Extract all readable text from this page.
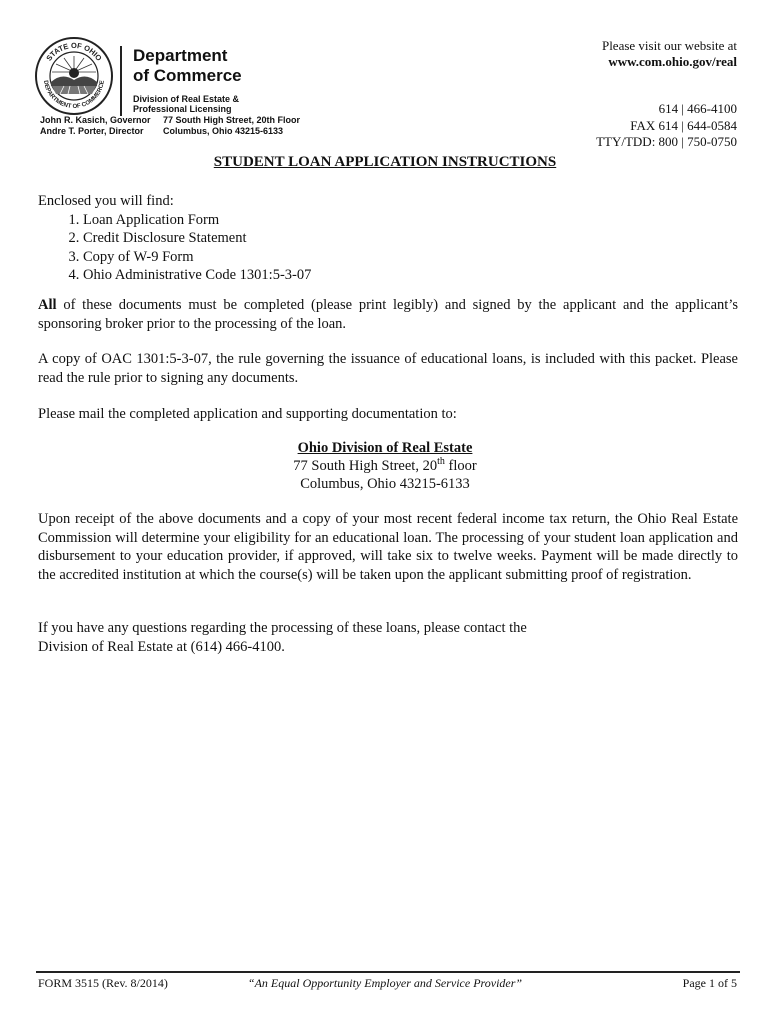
STATE OF OHIO
DEPARTMENT OF COMMERCE
Department
of Commerce
Division of Real Estate &
Professional Licensing
John R. Kasich, Governor
Andre T. Porter, Director
77 South High Street, 20th Floor
Columbus, Ohio 43215-6133
Please visit our website at
www.com.ohio.gov/real
614 | 466-4100
FAX 614 | 644-0584
TTY/TDD: 800 | 750-0750
STUDENT LOAN APPLICATION INSTRUCTIONS
Enclosed you will find:
1. Loan Application Form
2. Credit Disclosure Statement
3. Copy of W-9 Form
4. Ohio Administrative Code 1301:5-3-07
All of these documents must be completed (please print legibly) and signed by the applicant and the applicant’s sponsoring broker prior to the processing of the loan.
A copy of OAC 1301:5-3-07, the rule governing the issuance of educational loans, is included with this packet. Please read the rule prior to signing any documents.
Please mail the completed application and supporting documentation to:
Ohio Division of Real Estate
77 South High Street, 20th floor
Columbus, Ohio 43215-6133
Upon receipt of the above documents and a copy of your most recent federal income tax return, the Ohio Real Estate Commission will determine your eligibility for an educational loan. The processing of your student loan application and disbursement to your education provider, if approved, will take six to twelve weeks. Payment will be made directly to the accredited institution at which the course(s) will be taken upon the applicant submitting proof of registration.
If you have any questions regarding the processing of these loans, please contact the
Division of Real Estate at (614) 466-4100.
FORM 3515 (Rev. 8/2014)	“An Equal Opportunity Employer and Service Provider”	Page 1 of 5
